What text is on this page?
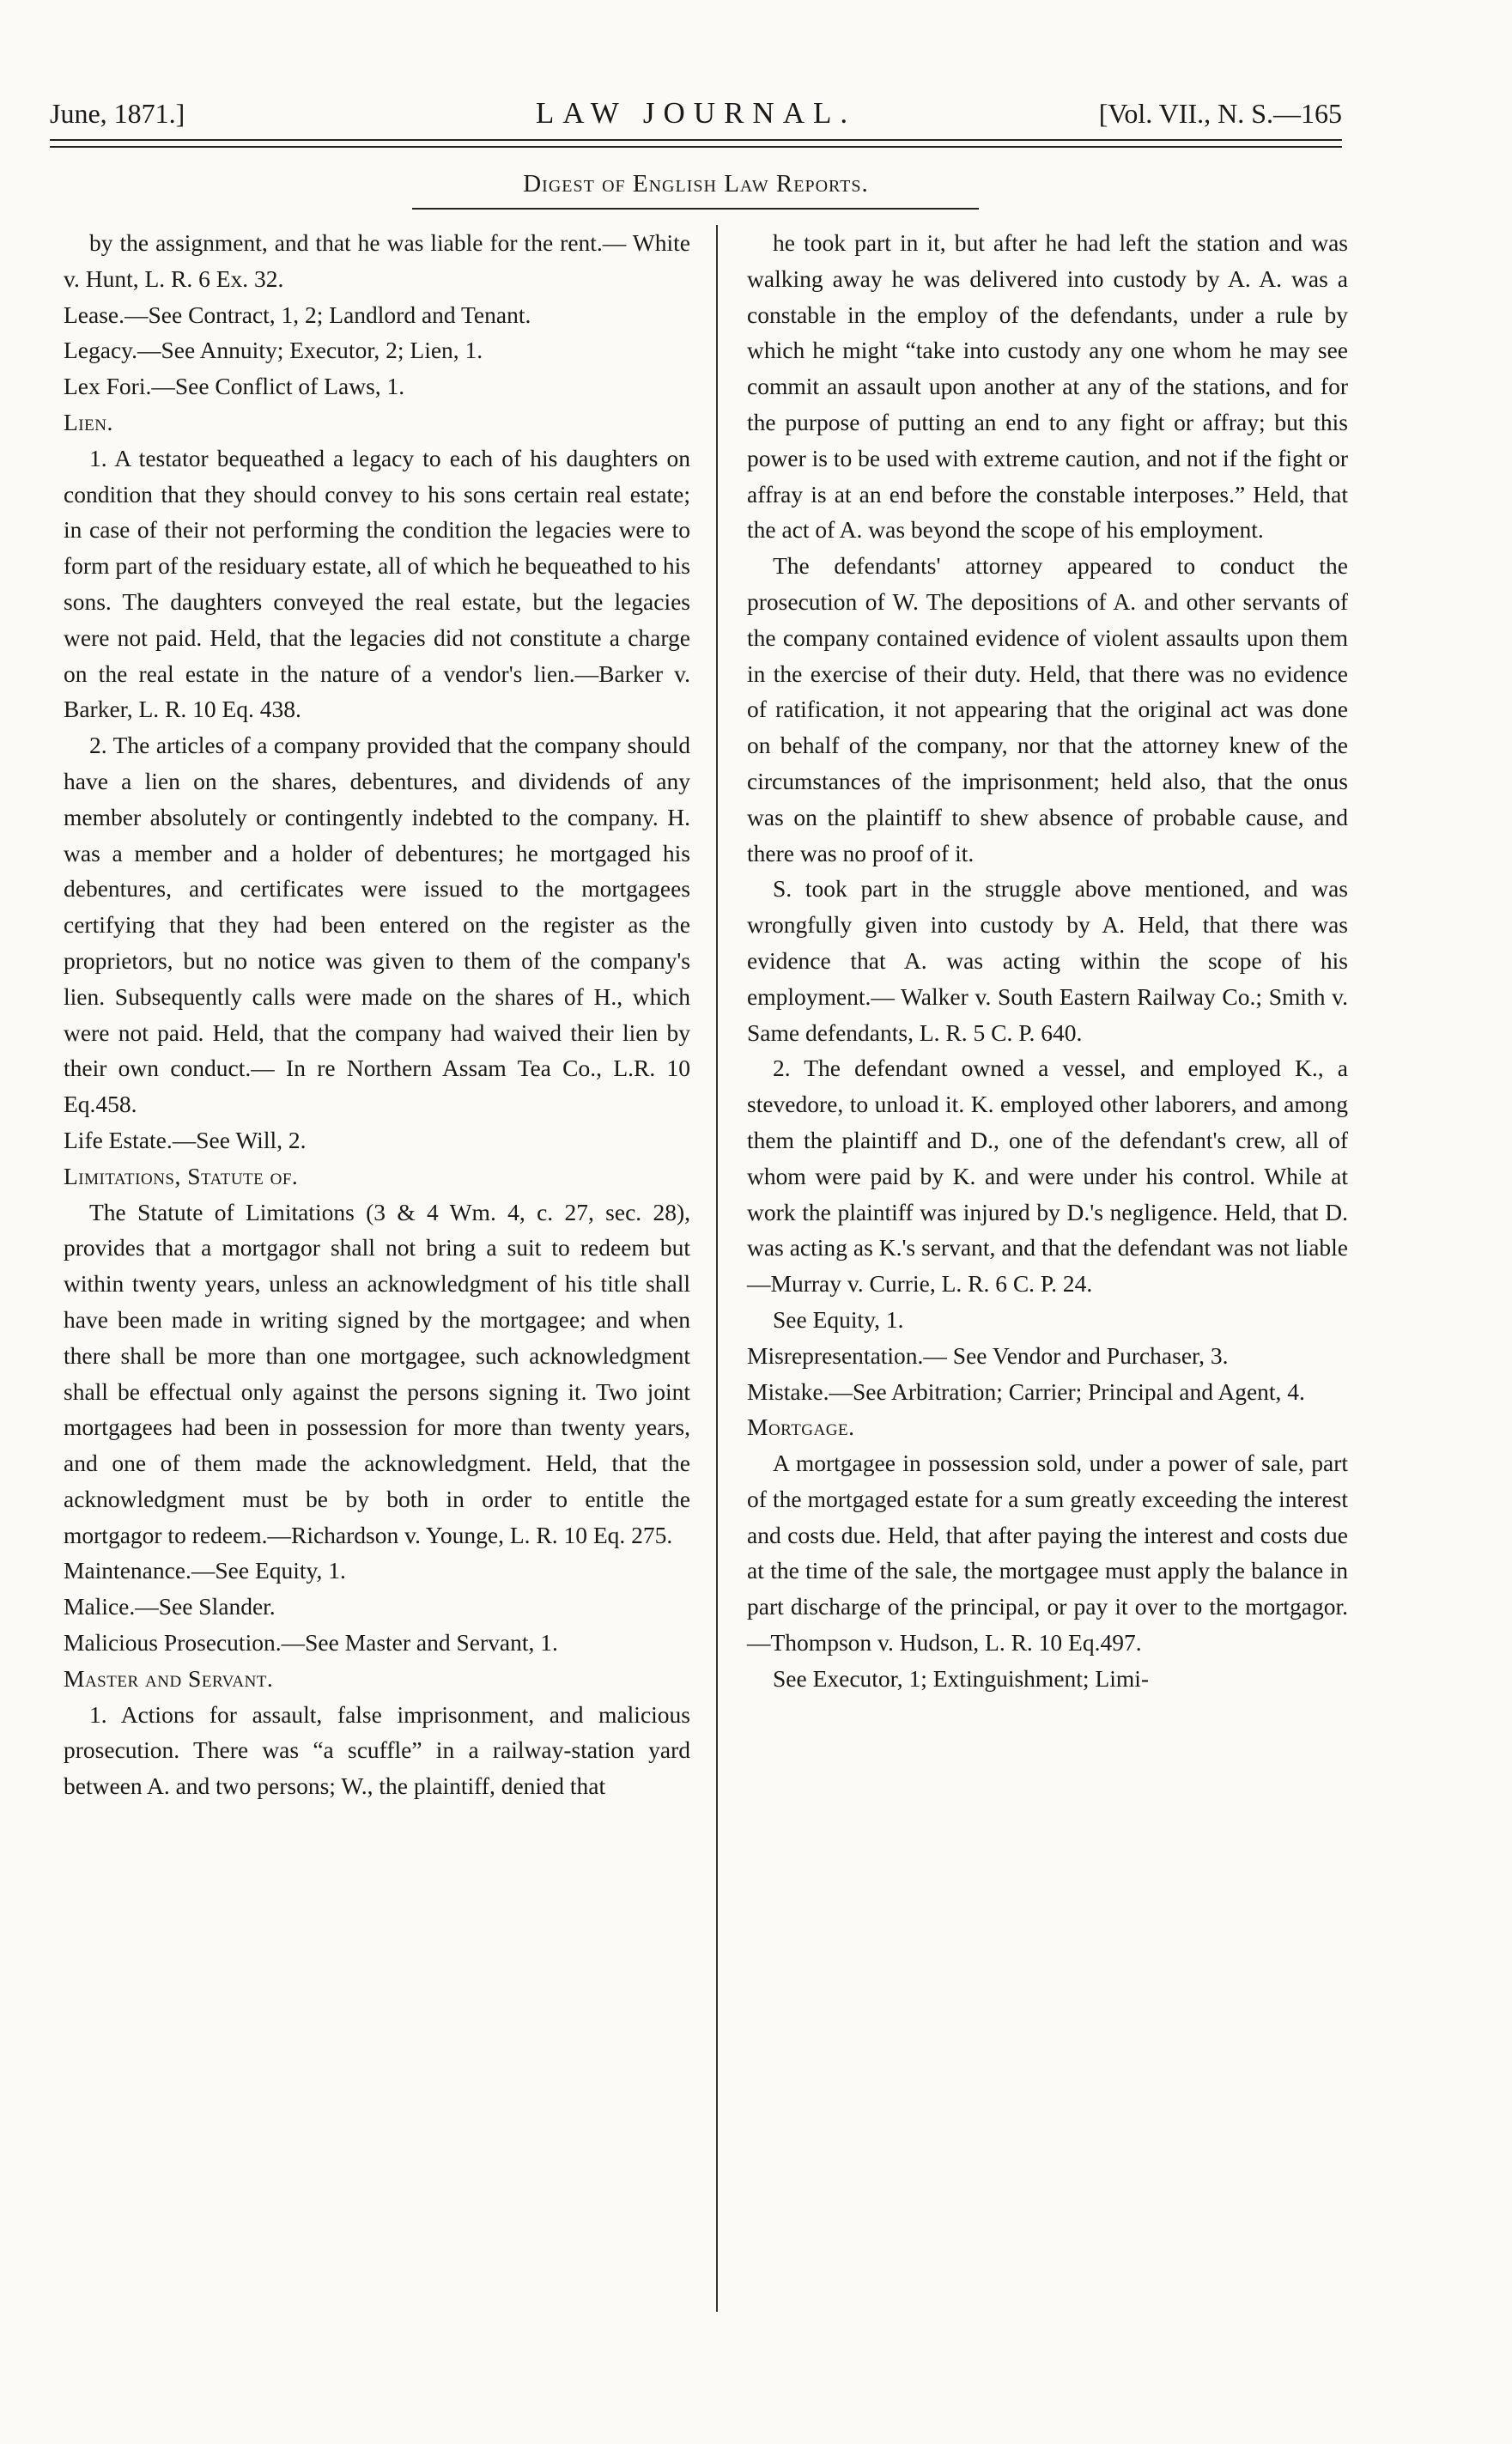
June, 1871.]	LAW JOURNAL.	[Vol. VII., N. S.—165
Digest of English Law Reports.

by the assignment, and that he was liable for the rent.— White v. Hunt, L. R. 6 Ex. 32.

Lease.—See Contract, 1, 2; Landlord and Tenant.

Legacy.—See Annuity; Executor, 2; Lien, 1.

Lex Fori.—See Conflict of Laws, 1.

Lien.

1. A testator bequeathed a legacy to each of his daughters on condition that they should convey to his sons certain real estate; in case of their not performing the condition the legacies were to form part of the residuary estate, all of which he bequeathed to his sons. The daughters conveyed the real estate, but the legacies were not paid. Held, that the legacies did not constitute a charge on the real estate in the nature of a vendor's lien.—Barker v. Barker, L. R. 10 Eq. 438.

2. The articles of a company provided that the company should have a lien on the shares, debentures, and dividends of any member absolutely or contingently indebted to the company. H. was a member and a holder of debentures; he mortgaged his debentures, and certificates were issued to the mortgagees certifying that they had been entered on the register as the proprietors, but no notice was given to them of the company's lien. Subsequently calls were made on the shares of H., which were not paid. Held, that the company had waived their lien by their own conduct.— In re Northern Assam Tea Co., L.R. 10 Eq.458.

Life Estate.—See Will, 2.

Limitations, Statute of.

The Statute of Limitations (3 & 4 Wm. 4, c. 27, sec. 28), provides that a mortgagor shall not bring a suit to redeem but within twenty years, unless an acknowledgment of his title shall have been made in writing signed by the mortgagee; and when there shall be more than one mortgagee, such acknowledgment shall be effectual only against the persons signing it. Two joint mortgagees had been in possession for more than twenty years, and one of them made the acknowledgment. Held, that the acknowledgment must be by both in order to entitle the mortgagor to redeem.—Richardson v. Younge, L. R. 10 Eq. 275.

Maintenance.—See Equity, 1.

Malice.—See Slander.

Malicious Prosecution.—See Master and Servant, 1.

Master and Servant.

1. Actions for assault, false imprisonment, and malicious prosecution. There was “a scuffle” in a railway-station yard between A. and two persons; W., the plaintiff, denied that

he took part in it, but after he had left the station and was walking away he was delivered into custody by A. A. was a constable in the employ of the defendants, under a rule by which he might “take into custody any one whom he may see commit an assault upon another at any of the stations, and for the purpose of putting an end to any fight or affray; but this power is to be used with extreme caution, and not if the fight or affray is at an end before the constable interposes.” Held, that the act of A. was beyond the scope of his employment.

The defendants' attorney appeared to conduct the prosecution of W. The depositions of A. and other servants of the company contained evidence of violent assaults upon them in the exercise of their duty. Held, that there was no evidence of ratification, it not appearing that the original act was done on behalf of the company, nor that the attorney knew of the circumstances of the imprisonment; held also, that the onus was on the plaintiff to shew absence of probable cause, and there was no proof of it.

S. took part in the struggle above mentioned, and was wrongfully given into custody by A. Held, that there was evidence that A. was acting within the scope of his employment.— Walker v. South Eastern Railway Co.; Smith v. Same defendants, L. R. 5 C. P. 640.

2. The defendant owned a vessel, and employed K., a stevedore, to unload it. K. employed other laborers, and among them the plaintiff and D., one of the defendant's crew, all of whom were paid by K. and were under his control. While at work the plaintiff was injured by D.'s negligence. Held, that D. was acting as K.'s servant, and that the defendant was not liable—Murray v. Currie, L. R. 6 C. P. 24.

See Equity, 1.

Misrepresentation.— See Vendor and Purchaser, 3.

Mistake.—See Arbitration; Carrier; Principal and Agent, 4.

Mortgage.

A mortgagee in possession sold, under a power of sale, part of the mortgaged estate for a sum greatly exceeding the interest and costs due. Held, that after paying the interest and costs due at the time of the sale, the mortgagee must apply the balance in part discharge of the principal, or pay it over to the mortgagor.—Thompson v. Hudson, L. R. 10 Eq.497.

See Executor, 1; Extinguishment; Limi-
